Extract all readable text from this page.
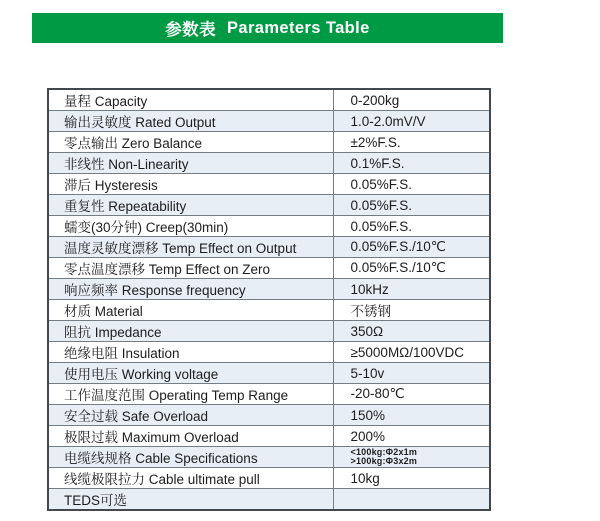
参数表 Parameters Table
量程 Capacity	0-200kg
输出灵敏度 Rated Output	1.0-2.0mV/V
零点输出 Zero Balance	±2%F.S.
非线性 Non-Linearity	0.1%F.S.
滞后 Hysteresis	0.05%F.S.
重复性 Repeatability	0.05%F.S.
蠕变(30分钟) Creep(30min)	0.05%F.S.
温度灵敏度漂移 Temp Effect on Output	0.05%F.S./10℃
零点温度漂移 Temp Effect on Zero	0.05%F.S./10℃
响应频率 Response frequency	10kHz
材质 Material	不锈钢
阻抗 Impedance	350Ω
绝缘电阻 Insulation	≥5000MΩ/100VDC
使用电压 Working voltage	5-10v
工作温度范围 Operating Temp Range	-20-80℃
安全过载 Safe Overload	150%
极限过载 Maximum Overload	200%
电缆线规格 Cable Specifications	<100kg:Φ2x1m
>100kg:Φ3x2m

线缆极限拉力 Cable ultimate pull	10kg
TEDS可选	
